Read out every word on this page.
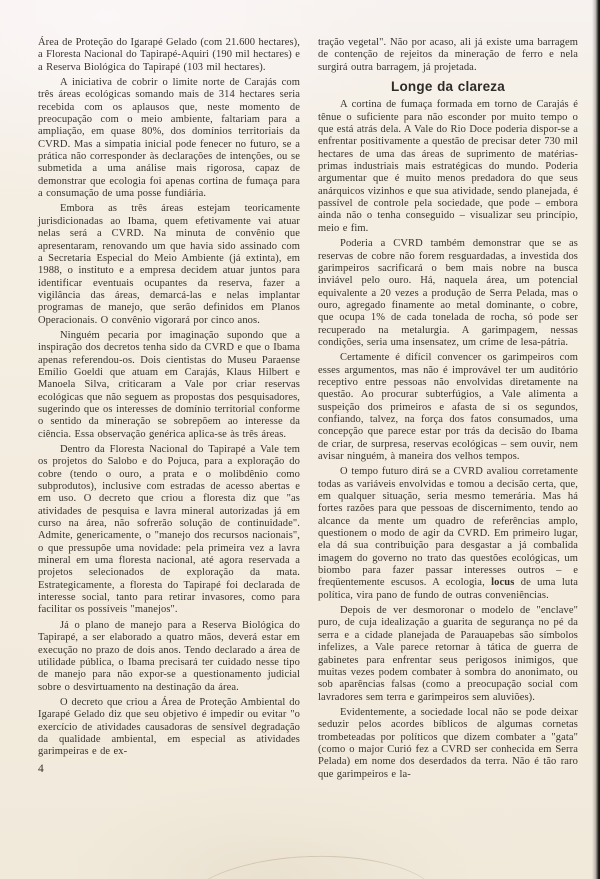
Área de Proteção do Igarapé Gelado (com 21.600 hectares), a Floresta Nacional do Tapirapé-Aquiri (190 mil hectares) e a Reserva Biológica do Tapirapé (103 mil hectares).

A iniciativa de cobrir o limite norte de Carajás com três áreas ecológicas somando mais de 314 hectares seria recebida com os aplausos que, neste momento de preocupação com o meio ambiente, faltariam para a ampliação, em quase 80%, dos domínios territoriais da CVRD. Mas a simpatia inicial pode fenecer no futuro, se a prática não corresponder às declarações de intenções, ou se submetida a uma análise mais rigorosa, capaz de demonstrar que ecologia foi apenas cortina de fumaça para a consumação de uma posse fundiária.

Embora as três áreas estejam teoricamente jurisdicionadas ao Ibama, quem efetivamente vai atuar nelas será a CVRD. Na minuta de convênio que apresentaram, renovando um que havia sido assinado com a Secretaria Especial do Meio Ambiente (já extinta), em 1988, o instituto e a empresa decidem atuar juntos para identificar eventuais ocupantes da reserva, fazer a vigilância das áreas, demarcá-las e nelas implantar programas de manejo, que serão definidos em Planos Operacionais. O convênio vigorará por cinco anos.

Ninguém pecaria por imaginação supondo que a inspiração dos decretos tenha sido da CVRD e que o Ibama apenas referendou-os. Dois cientistas do Museu Paraense Emílio Goeldi que atuam em Carajás, Klaus Hilbert e Manoela Silva, criticaram a Vale por criar reservas ecológicas que não seguem as propostas dos pesquisadores, sugerindo que os interesses de domínio territorial conforme o sentido da mineração se sobrepõem ao interesse da ciência. Essa observação genérica aplica-se às três áreas.

Dentro da Floresta Nacional do Tapirapé a Vale tem os projetos do Salobo e do Pojuca, para a exploração do cobre (tendo o ouro, a prata e o molibdênio como subprodutos), inclusive com estradas de acesso abertas e em uso. O decreto que criou a floresta diz que "as atividades de pesquisa e lavra mineral autorizadas já em curso na área, não sofrerão solução de continuidade". Admite, genericamente, o "manejo dos recursos nacionais", o que pressupõe uma novidade: pela primeira vez a lavra mineral em uma floresta nacional, até agora reservada a projetos selecionados de exploração da mata. Estrategicamente, a floresta do Tapirapé foi declarada de interesse social, tanto para retirar invasores, como para facilitar os possíveis "manejos".

Já o plano de manejo para a Reserva Biológica do Tapirapé, a ser elaborado a quatro mãos, deverá estar em execução no prazo de dois anos. Tendo declarado a área de utilidade pública, o Ibama precisará ter cuidado nesse tipo de manejo para não expor-se a questionamento judicial sobre o desvirtuamento na destinação da área.

O decreto que criou a Área de Proteção Ambiental do Igarapé Gelado diz que seu objetivo é impedir ou evitar "o exercício de atividades causadoras de sensível degradação da qualidade ambiental, em especial as atividades garimpeiras e de ex-

4

tração vegetal". Não por acaso, ali já existe uma barragem de contenção de rejeitos da mineração de ferro e nela surgirá outra barragem, já projetada.

Longe da clareza

A cortina de fumaça formada em torno de Carajás é tênue o suficiente para não esconder por muito tempo o que está atrás dela. A Vale do Rio Doce poderia dispor-se a enfrentar positivamente a questão de precisar deter 730 mil hectares de uma das áreas de suprimento de matérias-primas industriais mais estratégicas do mundo. Poderia argumentar que é muito menos predadora do que seus anárquicos vizinhos e que sua atividade, sendo planejada, é passível de controle pela sociedade, que pode – embora ainda não o tenha conseguido – visualizar seu princípio, meio e fim.

Poderia a CVRD também demonstrar que se as reservas de cobre não forem resguardadas, a investida dos garimpeiros sacrificará o bem mais nobre na busca inviável pelo ouro. Há, naquela área, um potencial equivalente a 20 vezes a produção de Serra Pelada, mas o ouro, agregado finamente ao metal dominante, o cobre, que ocupa 1% de cada tonelada de rocha, só pode ser recuperado na metalurgia. A garimpagem, nessas condições, seria uma insensatez, um crime de lesa-pátria.

Certamente é difícil convencer os garimpeiros com esses argumentos, mas não é improvável ter um auditório receptivo entre pessoas não envolvidas diretamente na questão. Ao procurar subterfúgios, a Vale alimenta a suspeição dos primeiros e afasta de si os segundos, confiando, talvez, na força dos fatos consumados, uma concepção que parece estar por trás da decisão do Ibama de criar, de surpresa, reservas ecológicas – sem ouvir, nem avisar ninguém, à maneira dos velhos tempos.

O tempo futuro dirá se a CVRD avaliou corretamente todas as variáveis envolvidas e tomou a decisão certa, que, em qualquer situação, seria mesmo temerária. Mas há fortes razões para que pessoas de discernimento, tendo ao alcance da mente um quadro de referências amplo, questionem o modo de agir da CVRD. Em primeiro lugar, ela dá sua contribuição para desgastar a já combalida imagem do governo no trato das questões ecológicas, um biombo para fazer passar interesses outros – e freqüentemente escusos. A ecologia, locus de uma luta política, vira pano de fundo de outras conveniências.

Depois de ver desmoronar o modelo de "enclave" puro, de cuja idealização a guarita de segurança no pé da serra e a cidade planejada de Parauapebas são símbolos infelizes, a Vale parece retornar à tática de guerra de gabinetes para enfrentar seus perigosos inimigos, que muitas vezes podem combater à sombra do anonimato, ou sob aparências falsas (como a preocupação social com lavradores sem terra e garimpeiros sem aluviões).

Evidentemente, a sociedade local não se pode deixar seduzir pelos acordes bíblicos de algumas cornetas trombeteadas por políticos que dizem combater a "gata" (como o major Curió fez a CVRD ser conhecida em Serra Pelada) em nome dos deserdados da terra. Não é tão raro que garimpeiros e la-
